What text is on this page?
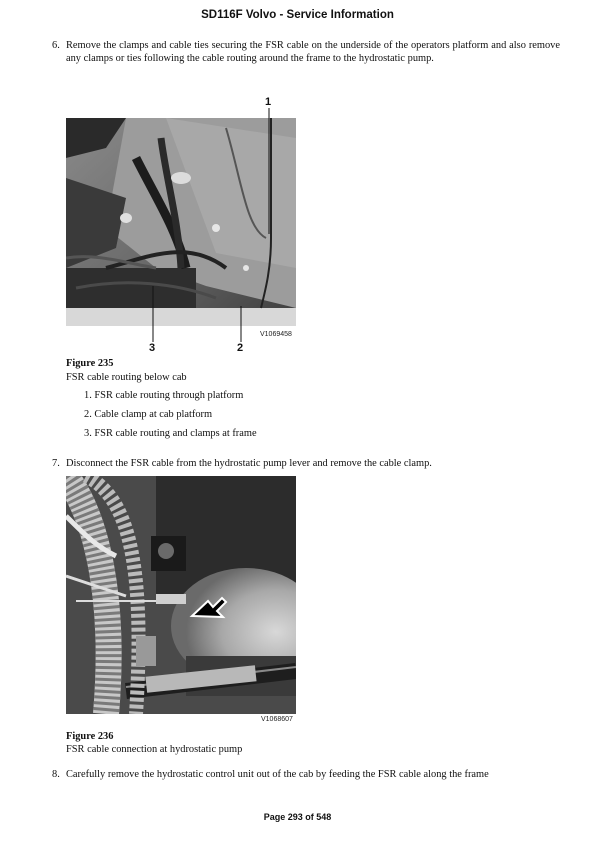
SD116F Volvo - Service Information
6. Remove the clamps and cable ties securing the FSR cable on the underside of the operators platform and also remove any clamps or ties following the cable routing around the frame to the hydrostatic pump.
1
2
3
V1069458
Figure 235
FSR cable routing below cab
1. FSR cable routing through platform
2. Cable clamp at cab platform
3. FSR cable routing and clamps at frame
7. Disconnect the FSR cable from the hydrostatic pump lever and remove the cable clamp.
V1068607
Figure 236
FSR cable connection at hydrostatic pump
8. Carefully remove the hydrostatic control unit out of the cab by feeding the FSR cable along the frame
Page 293 of 548
